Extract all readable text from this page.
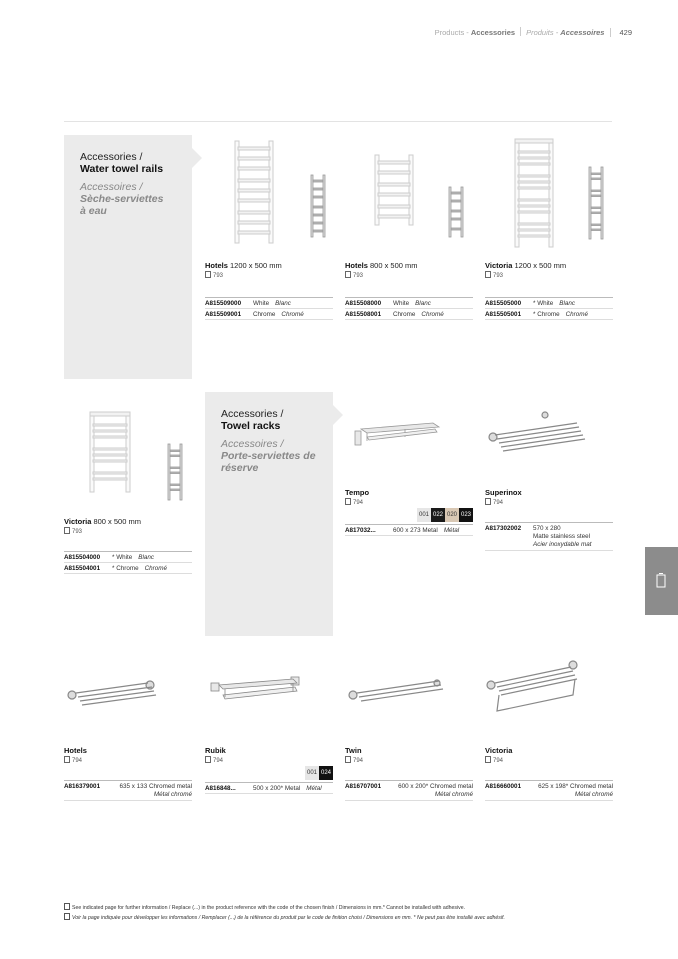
Products - Accessories Produits - Accessoires 429
Accessories /
Water towel rails
Accessoires /
Sèche-serviettes
à eau
Accessories /
Towel racks
Accessoires /
Porte-serviettes de
réserve
Hotels 1200 x 500 mm
793
A815509000	White Blanc
A815509001	Chrome Chromé
Hotels 800 x 500 mm
793
A815508000	White Blanc
A815508001	Chrome Chromé
Victoria 1200 x 500 mm
793
A815505000	* White Blanc
A815505001	* Chrome Chromé
Victoria 800 x 500 mm
793
A815504000	* White Blanc
A815504001	* Chrome Chromé
Tempo
794
001 022 020 023
A817032...	600 x 273 Metal Métal
Superinox
794
A817302002	570 x 280
Matte stainless steel
Acier inoxydable mat
Hotels
794
A816379001	635 x 133 Chromed metal
Métal chromé
Rubik
794
001 024
A816848...	500 x 200* Metal Métal
Twin
794
A816707001	600 x 200* Chromed metal
Métal chromé
Victoria
794
A816660001	625 x 198* Chromed metal
Métal chromé
See indicated page for further information / Replace (...) in the product reference with the code of the chosen finish / Dimensions in mm.* Cannot be installed with adhesive.
Voir la page indiquée pour développer les informations / Remplacer (...) de la référence du produit par le code de finition choisi / Dimensions en mm. * Ne peut pas être installé avec adhésif.
